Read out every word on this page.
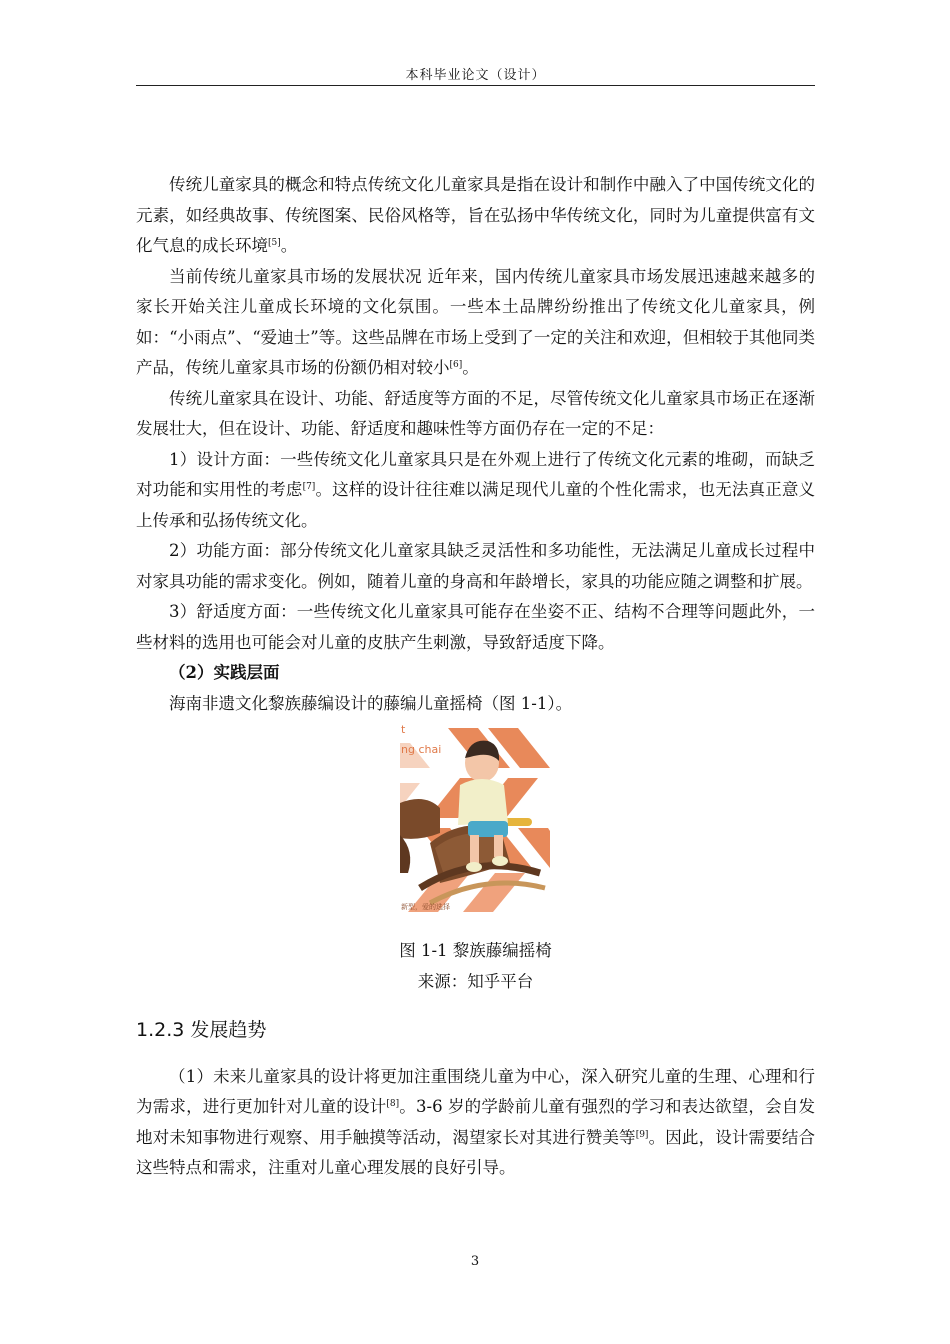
本科毕业论文（设计）

传统儿童家具的概念和特点传统文化儿童家具是指在设计和制作中融入了中国传统文化的元素，如经典故事、传统图案、民俗风格等，旨在弘扬中华传统文化，同时为儿童提供富有文化气息的成长环境[5]。

当前传统儿童家具市场的发展状况 近年来，国内传统儿童家具市场发展迅速越来越多的家长开始关注儿童成长环境的文化氛围。一些本土品牌纷纷推出了传统文化儿童家具，例如：“小雨点”、“爱迪士”等。这些品牌在市场上受到了一定的关注和欢迎，但相较于其他同类产品，传统儿童家具市场的份额仍相对较小[6]。

传统儿童家具在设计、功能、舒适度等方面的不足，尽管传统文化儿童家具市场正在逐渐发展壮大，但在设计、功能、舒适度和趣味性等方面仍存在一定的不足：

1）设计方面：一些传统文化儿童家具只是在外观上进行了传统文化元素的堆砌，而缺乏对功能和实用性的考虑[7]。这样的设计往往难以满足现代儿童的个性化需求，也无法真正意义上传承和弘扬传统文化。

2）功能方面：部分传统文化儿童家具缺乏灵活性和多功能性，无法满足儿童成长过程中对家具功能的需求变化。例如，随着儿童的身高和年龄增长，家具的功能应随之调整和扩展。

3）舒适度方面：一些传统文化儿童家具可能存在坐姿不正、结构不合理等问题此外，一些材料的选用也可能会对儿童的皮肤产生刺激，导致舒适度下降。

（2）实践层面

海南非遗文化黎族藤编设计的藤编儿童摇椅（图 1-1）。

t
ng chai
新型，爱的选择

图 1-1 黎族藤编摇椅

来源：知乎平台

1.2.3 发展趋势

（1）未来儿童家具的设计将更加注重围绕儿童为中心，深入研究儿童的生理、心理和行为需求，进行更加针对儿童的设计[8]。3-6 岁的学龄前儿童有强烈的学习和表达欲望，会自发地对未知事物进行观察、用手触摸等活动，渴望家长对其进行赞美等[9]。因此，设计需要结合这些特点和需求，注重对儿童心理发展的良好引导。

3
